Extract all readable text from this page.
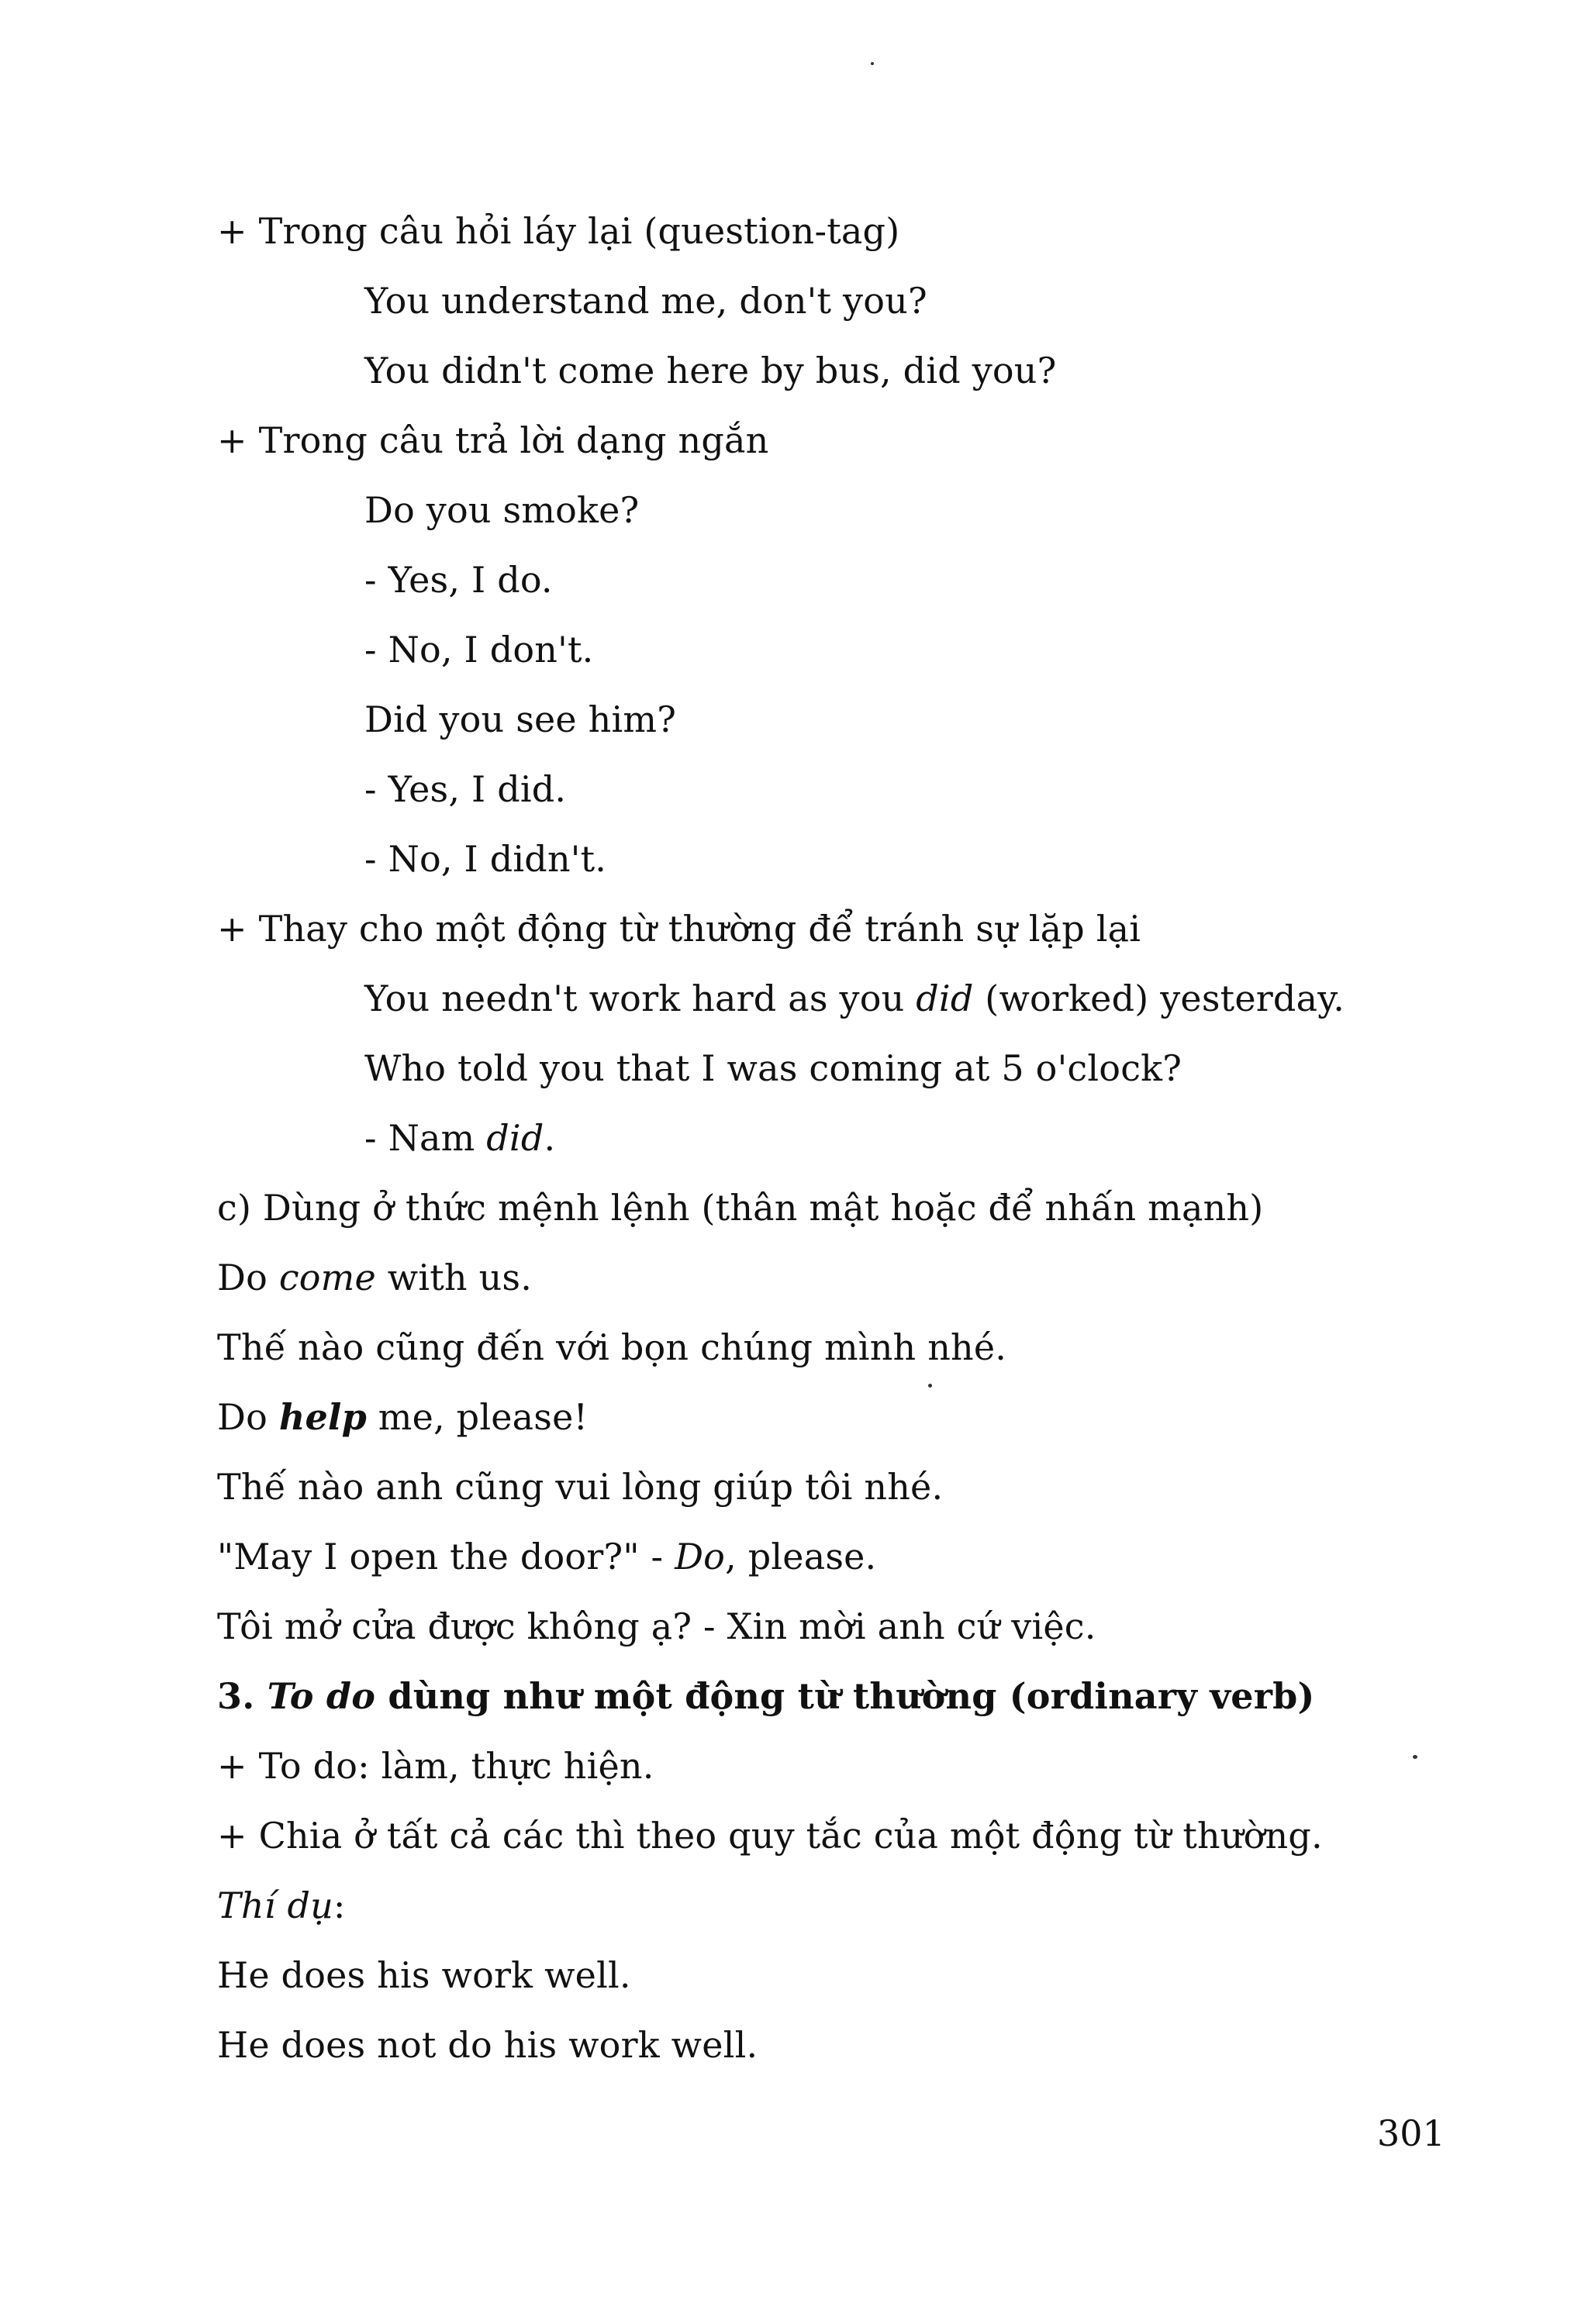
+ Trong câu hỏi láy lại (question-tag)
You understand me, don't you?
You didn't come here by bus, did you?
+ Trong câu trả lời dạng ngắn
Do you smoke?
- Yes, I do.
- No, I don't.
Did you see him?
- Yes, I did.
- No, I didn't.
+ Thay cho một động từ thường để tránh sự lặp lại
You needn't work hard as you did (worked) yesterday.
Who told you that I was coming at 5 o'clock?
- Nam did.
c) Dùng ở thức mệnh lệnh (thân mật hoặc để nhấn mạnh)
Do come with us.
Thế nào cũng đến với bọn chúng mình nhé.
Do help me, please!
Thế nào anh cũng vui lòng giúp tôi nhé.
"May I open the door?" - Do, please.
Tôi mở cửa được không ạ? - Xin mời anh cứ việc.
3. To do dùng như một động từ thường (ordinary verb)
+ To do: làm, thực hiện.
+ Chia ở tất cả các thì theo quy tắc của một động từ thường.
Thí dụ:
He does his work well.
He does not do his work well.
301
